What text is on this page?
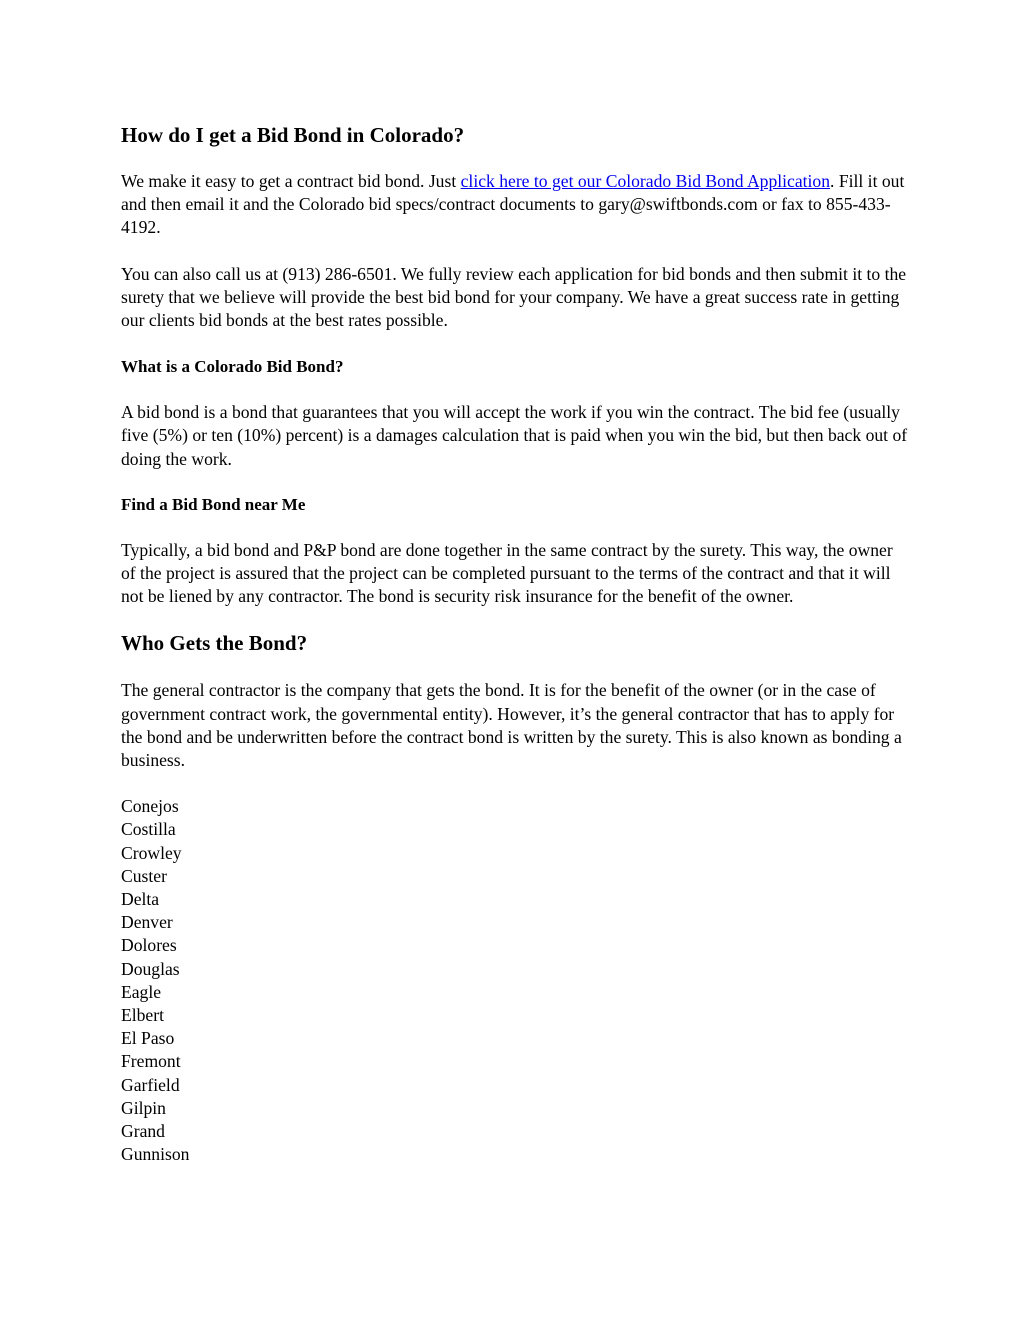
How do I get a Bid Bond in Colorado?

We make it easy to get a contract bid bond. Just click here to get our Colorado Bid Bond Application. Fill it out and then email it and the Colorado bid specs/contract documents to gary@swiftbonds.com or fax to 855-433-4192.

You can also call us at (913) 286-6501. We fully review each application for bid bonds and then submit it to the surety that we believe will provide the best bid bond for your company. We have a great success rate in getting our clients bid bonds at the best rates possible.

What is a Colorado Bid Bond?

A bid bond is a bond that guarantees that you will accept the work if you win the contract. The bid fee (usually five (5%) or ten (10%) percent) is a damages calculation that is paid when you win the bid, but then back out of doing the work.

Find a Bid Bond near Me

Typically, a bid bond and P&P bond are done together in the same contract by the surety. This way, the owner of the project is assured that the project can be completed pursuant to the terms of the contract and that it will not be liened by any contractor. The bond is security risk insurance for the benefit of the owner.

Who Gets the Bond?

The general contractor is the company that gets the bond. It is for the benefit of the owner (or in the case of government contract work, the governmental entity). However, it’s the general contractor that has to apply for the bond and be underwritten before the contract bond is written by the surety. This is also known as bonding a business.

Conejos
Costilla
Crowley
Custer
Delta
Denver
Dolores
Douglas
Eagle
Elbert
El Paso
Fremont
Garfield
Gilpin
Grand
Gunnison
